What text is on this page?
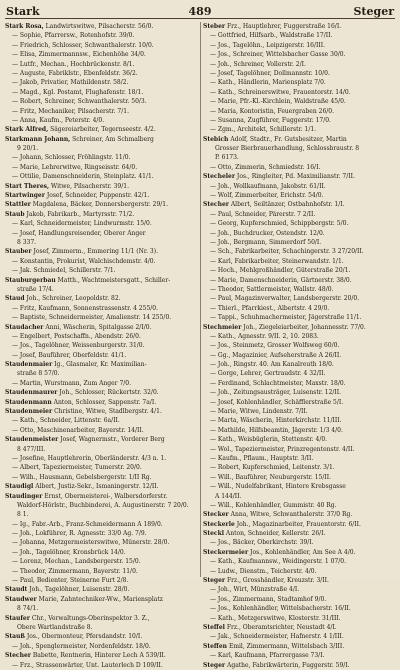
Stark	489	Steger
Stark Rosa, Landwirtswitwe, Pilsacherstr. 56/0.
— Sophie, Pfarrersw., Rotenhofstr. 39/0.
— Friedrich, Schlosser, Schwanthalerstr. 10/0.
— Elisa, Zimmermannsw., Eichenhöhe 34/0.
— Lutfr., Mechan., Hochbrückenstr. 8/1.
— Auguste, Fabriklstr., Ebenfeldstr. 36/2.
— Jakob, Privatier, Mathildenstr. 58/2.
— Magd., Kgl. Postamt, Flughafenstr. 18/1.
— Robert, Schreiner, Schwanthalerstr. 50/3.
— Fritz, Mechaniker, Pilsacherstr. 7/1.
— Anna, Kaufm., Peterstr. 4/0.
Stark Alfred, Sägereiarbeiter, Tegernseestr. 4/2.
Starkmann Johann, Schreiner, Am Schmalberg
9 20/1.
— Johann, Schlosser, Fröhlingstr. 11/0.
— Marie, Lehrerwitwe, Ringseisstr. 64/0.
— Ottilie, Damenschneiderin, Steinplatz. 41/1.
Start Theres, Witwe, Pilsacherstr. 39/1.
Startwinger Josef, Schneider, Puppenstr. 42/1.
Stattler Magdalena, Bäcker, Donnersbergerstr. 29/1.
Staub Jakob, Fabrikarb., Martyrsstr. 71/2.
— Karl, Schneidermeister, Lindwurmstr. 15/0.
— Josef, Handlungsreisender, Oberer Anger
8 337.
Stauber Josef, Zimmerm., Emmering 11/1 (Nr. 3).
— Konstantin, Prokurist, Walchischdemstr. 4/0.
— Jak. Schmiedel, Schillerstr. 7/1.
Stauburgerbau Matth., Wachtmeistersgatt., Schiller-
straße 17/4.
Staud Joh., Schreiner, Leopoldstr. 82.
— Fritz, Kaufmann, Sonnenstrassenstr. 4 255/0.
— Baptiste, Schneidermeister, Amalienstr. 14 255/0.
Staudacher Anni, Wäscherin, Spitalgasse 2/I/0.
— Engelbert, Postschaffn., Abendstr. 26/0.
— Jos., Tagelöhner, Weissenburgerstr. 31/0.
— Josef, Bauführer, Oberfeldstr. 41/1.
Staudenmaier Ig., Glasmaler, Kr. Maximilian-
straße 8 57/0.
— Martin, Wurstmann, Zum Anger 7/0.
Staudenmaurer Joh., Schlosser, Rückertstr. 32/0.
Staudenmann Anton, Schlosser, Sappenstr. 7a/I.
Staudenmeier Christine, Witwe, Stadlbergstr. 4/1.
— Kath., Schneider, Littenstr. 6a/II.
— Otto, Maschinenarbeiter, Bayerstr. 14/II.
Staudenmeister Josef, Wagnermstr., Vorderer Berg
8 477/III.
— Josefine, Hauptlehrerin, Oberländerstr. 4/3 n. 1.
— Albert, Tapeziermeister, Tumerstr. 20/0.
— Wilh., Hausmann, Gebelsbergerstr. 1/II Rg.
Staudigl Albert, Justiz-Sekr., Ismaningerstr. 12/II.
Staudinger Ernst, Obermeisterei-, Walbersdorferstr.
Waldorf-Hörlstr., Buchbinderei, A. Augustinerstr. 7 20/0.
8 1.
— Ig., Fabr.-Arb., Franz-Schmeidermann A 189/0.
— Joh., Lokführer, R. Agnesstr. 33/0 Ag. 7/9.
— Johanna, Metzgermeisterswitwe, Münerstr. 28/0.
— Joh., Tagelöhner, Kronsbrück 14/0.
— Lorenz, Mechan., Landsbergerstr. 15/0.
— Theodor, Zimmermann, Bayerstr. 11/0.
— Paul, Bedienter, Steinerne Furt 2/8.
Staudt Joh., Tagelöhner, Luisenstr. 28/0.
Staudwer Marie, Zahntechniker-Ww., Mariensplatz
8 74/1.
Staufer Chr., Verwaltungs-Oberinspektor 3. Z.,
Obere Wartlandstraße 8.
Stauß Jos., Obermonteur, Pfersdandstr. 10/I.
— Joh., Spenglermeister, Nordenfeldstr. 18/0.
Stecher Babette, Rentnerin, Hinterer Lech A 539/II.
— Frz., Strassenwärter, Unt. Lauterlech D 109/II.
Steber Frz., Hauptlehrer, Fuggerstraße 16/I.
— Gottfried, Hilfsarb., Waldstraße 17/II.
— Jos., Tagelöhn., Leipzigerstr. 16/III.
— Jos., Schreiner, Wittelsbacher Gasse 30/0.
— Joh., Schreiner, Vollerstr. 2/I.
— Josef, Tagelöhner, Dollmannstr. 10/0.
— Kath., Händlerin, Mariensplatz 7/0.
— Kath., Schreinerswitwe, Frauentorstr. 14/0.
— Marie, Pfr.-Kl.-Kirchlein, Waldstraße 45/0.
— Maria, Kontoristin, Feuergraben 26/0.
— Susanna, Zugführer, Fuggerstr. 17/0.
— Zgm., Architekt, Schillerstr. 1/1.
Stebich Adolf, Stadtr., Fr. Gutsbesitzer, Martin
Grosser Bierbrauerhandlung, Schlossbraustr. 8
P. 6173.
— Otto, Zimmerin, Schmiedstr. 16/I.
Stecheler Jos., Ringleiter, Pd. Maximilianstr. 7/II.
— Joh., Wollkaufmann, Jakobstr. 61/II.
— Wolf, Zimmerbeiter, Erichstr. 54/0.
Stecher Albert, Seiltänzer, Ostbahnhofstr. 1/I.
— Paul, Schneider, Pärerstr. 7 2/II.
— Georg, Kupferschmied, Schippbergstr. 5/0.
— Joh., Buchdrucker, Ostendstr. 12/0.
— Joh., Bergmann, Simmerdorf 50/I.
— Sch., Fabrikarbeiter, Schachingerstr. 3 27/20/II.
— Karl, Fabrikarbeiter, Steinerwandstr. 1/1.
— Hoch., Mehlgroßhändler, Güterstraße 20/1.
— Marie, Damenschneiderin, Gärtnerstr. 38/0.
— Theodor, Sattlermeister, Wallstr. 48/0.
— Paul, Magazinverwalter, Landsbergerstr. 20/0.
— Thierl., Pfarrkiest., Albertstr. 4 29/0.
— Tappi., Schuhmachermeister, Jägerstraße 11/1.
Stechmeier Joh., Ziegeleiarbeiter, Johannesstr. 77/0.
— Kath., Agnesstr. 9/II. 2, 10. 2083.
— Jos., Steinmetz, Grosser Wolfsweg 60/0.
— Gg., Magazinier, Aufseherstraße A 26/II.
— Joh., Ringstr. 40. Am Kanalreuth 18/0.
— Gorge, Lehrer, Gertraudstr. 4 32/II.
— Ferdinand, Schlachtmeister, Maxstr. 18/0.
— Joh., Zeitungsausträger, Luisenstr. 12/II.
— Josef, Kohlenhändler, Schäfflerstraße 5/I.
— Marie, Witwe, Lindenstr. 7/II.
— Marta, Wäscherin, Hinterkirchstr. 11/III.
— Mathilde, Hilfsbeamtin, Jägerstr. 1/3 4/0.
— Kath., Weisbüglerin, Stettenstr. 4/0.
— Wol., Tapeziermeister, Prinzregentenstr. 4/II.
— Kaufm., Pflaum., Hauptstr. 3/II.
— Robert, Kupferschmied, Leitenstr. 3/1.
— Will., Bauführer, Neuburgerstr. 15/II.
— Will., Nudelfabrikant, Hintere Krebsgasse
A 144/II.
— Will., Kohlenhändler, Gummistr. 40 Rg.
Stecker Anna, Witwe, Schwanthalerstr. 37/0 Rg.
Steckerle Joh., Magazinarbeiter, Frauentorstr. 6/II.
Steckl Anton, Schneider, Kellerstr. 26/I.
— Jos., Bäcker, Oberkirchstr. 39/I.
Steckermeier Jos., Kohlenhändler, Am See A 4/0.
— Kath., Kaufmannsw., Weidingerstr. 1 07/0.
— Ludw., Dienstm., Teicherstr. 4/0.
Steger Frz., Grosshändler, Kreuzstr. 3/II.
— Joh., Wirt, Münzstraße 4/I.
— Jos., Zimmermann, Stadtamhof 9/0.
— Jos., Kohlenhändler, Wittelsbacherstr. 16/II.
— Kath., Metzgerswitwe, Klosterstr. 31/III.
Steffel Frz., Oberamtsrichter, Neustadt 4/I.
— Jak., Schneidermeister, Hafnerstr. 4 1/III.
Steffen Emil, Zimmermann, Wittelsbach 3/III.
— Karl, Kaufmann, Pfarrergasse 73/I.
Steger Agathe, Fabrikwärterin, Fuggerstr. 59/I.
